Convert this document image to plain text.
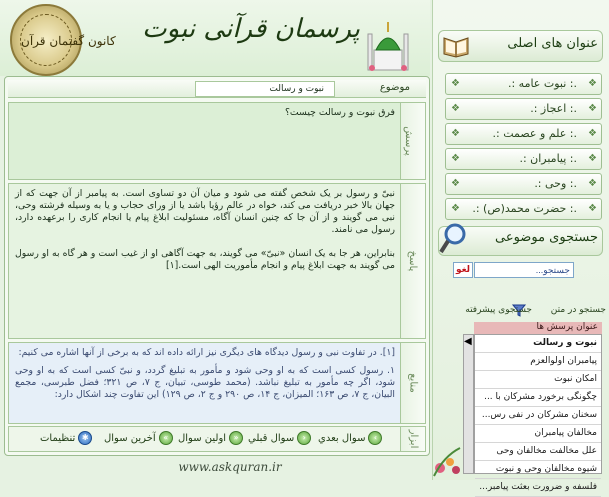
کانون گفتمان قرآن پرسمان قرآنی نبوت	عنوان های اصلی
❖
❖	.: نبوت عامه :.
❖
❖	.: اعجاز :.
❖
❖	.: علم و عصمت :.
❖
❖	.: پیامبران :.
❖
❖	.: وحی :.
❖
❖ .: حضرت محمد(ص) :.
جستجوی موضوعی
جستجو...
لغو
جستجو در متن
جستجوی پیشرفته
عنوان پرسش ها
◀	نبوت و رسالت
پیامبران اولوالعزم
امکان نبوت
چگونگی برخورد مشرکان با ...
سخنان مشرکان در نفی رس...
مخالفان پیامبران
علل مخالفت مخالفان وحی
شیوه مخالفان وحی و نبوت
فلسفه و ضرورت بعثت پیامبر...
موضوع
نبوت و رسالت
پرسش
فرق نبوت و رسالت چیست؟
پاسخ
نبیّ و رسول بر یک شخص گفته می شود و میان آن دو تساوی است. به پیامبر از آن جهت که از جهان بالا خبر دریافت می کند، خواه در عالم رؤیا باشد یا از ورای حجاب و یا به وسیله فرشته وحی، نبی می گویند و از آن جا که چنین انسان آگاه، مسئولیت ابلاغ پیام یا انجام کاری را برعهده دارد، رسول می نامند.
بنابراین، هر جا به یک انسان «نبیّ» می گویند، به جهت آگاهی او از غیب است و هر گاه به او رسول می گویند به جهت ابلاغ پیام و انجام مأموریت الهی است.[۱]
منابع
[۱]. در تفاوت نبی و رسول دیدگاه های دیگری نیز ارائه داده اند که به برخی از آنها اشاره می کنیم:
۱. رسول کسی است که به او وحی شود و مأمور به تبلیغ گردد، و نبیّ کسی است که به او وحی شود، اگر چه مأمور به تبلیغ نباشد. (محمد طوسی، تبیان، ج ۷، ص ۳۲۱؛ فضل طبرسی، مجمع البیان، ج ۷، ص ۱۶۳؛ المیزان، ج ۱۴، ص ۲۹۰ و ج ۲، ص ۱۲۹) این تفاوت چند اشکال دارد:
ابزار
›سوال بعدي
‹سوال قبلي
«اولين سوال
»آخرين سوال
✱تنظيمات
www.askquran.ir
